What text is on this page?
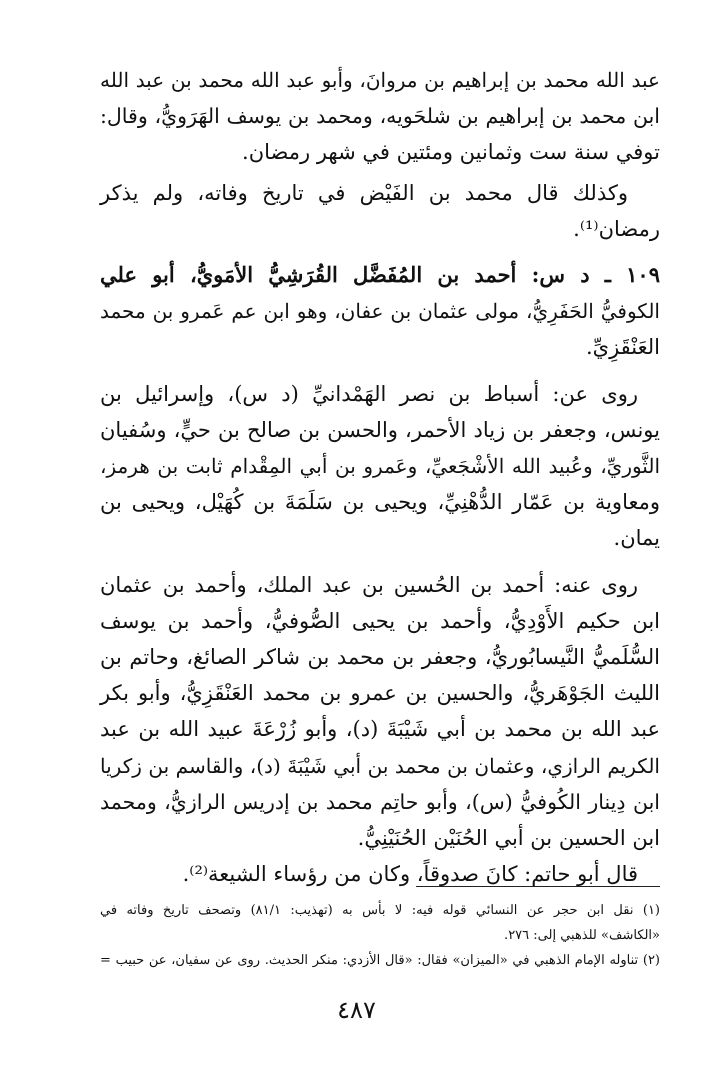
عبد الله محمد بن إبراهيم بن مروانَ، وأبو عبد الله محمد بن عبد الله
ابن محمد بن إبراهيم بن شلحَويه، ومحمد بن يوسف الهَرَويُّ، وقال:
توفي سنة ست وثمانين ومئتين في شهر رمضان.
وكذلك قال محمد بن الفَيْض في تاريخ وفاته، ولم يذكر
رمضان⁽¹⁾.
١٠٩ ـ د س: أحمد بن المُفَضَّل القُرَشِيُّ الأمَويُّ، أبو علي
الكوفيُّ الحَفَرِيُّ، مولى عثمان بن عفان، وهو ابن عم عَمرو بن محمد
العَنْقَزِيِّ.
روى عن: أسباط بن نصر الهَمْدانيِّ (د س)، وإسرائيل بن
يونس، وجعفر بن زياد الأحمر، والحسن بن صالح بن حيٍّ، وسُفيان
الثَّوريِّ، وعُبيد الله الأشْجَعيِّ، وعَمرو بن أبي المِقْدام ثابت بن هرمز،
ومعاوية بن عَمّار الدُّهْنِيِّ، ويحيى بن سَلَمَةَ بن كُهَيْل، ويحيى بن
يمان.
روى عنه: أحمد بن الحُسين بن عبد الملك، وأحمد بن عثمان
ابن حكيم الأَوْدِيُّ، وأحمد بن يحيى الصُّوفيُّ، وأحمد بن يوسف
السُّلَميُّ النَّيسابُوريُّ، وجعفر بن محمد بن شاكر الصائغ، وحاتم بن
الليث الجَوْهَريُّ، والحسين بن عمرو بن محمد العَنْقَزِيُّ، وأبو بكر
عبد الله بن محمد بن أبي شَيْبَةَ (د)، وأبو زُرْعَةَ عبيد الله بن عبد
الكريم الرازي، وعثمان بن محمد بن أبي شَيْبَةَ (د)، والقاسم بن زكريا
ابن دِينار الكُوفيُّ (س)، وأبو حاتِم محمد بن إدريس الرازيُّ، ومحمد
ابن الحسين بن أبي الحُنَيْن الحُنَيْنِيُّ.
قال أبو حاتم: كانَ صدوقاً، وكان من رؤساء الشيعة⁽²⁾.
(١) نقل ابن حجر عن النسائي قوله فيه: لا بأس به (تهذيب: ٨١/١) وتصحف تاريخ وفاته في
«الكاشف» للذهبي إلى: ٢٧٦.
(٢) تناوله الإمام الذهبي في «الميزان» فقال: «قال الأزدي: منكر الحديث. روى عن سفيان، عن حبيب =
٤٨٧
